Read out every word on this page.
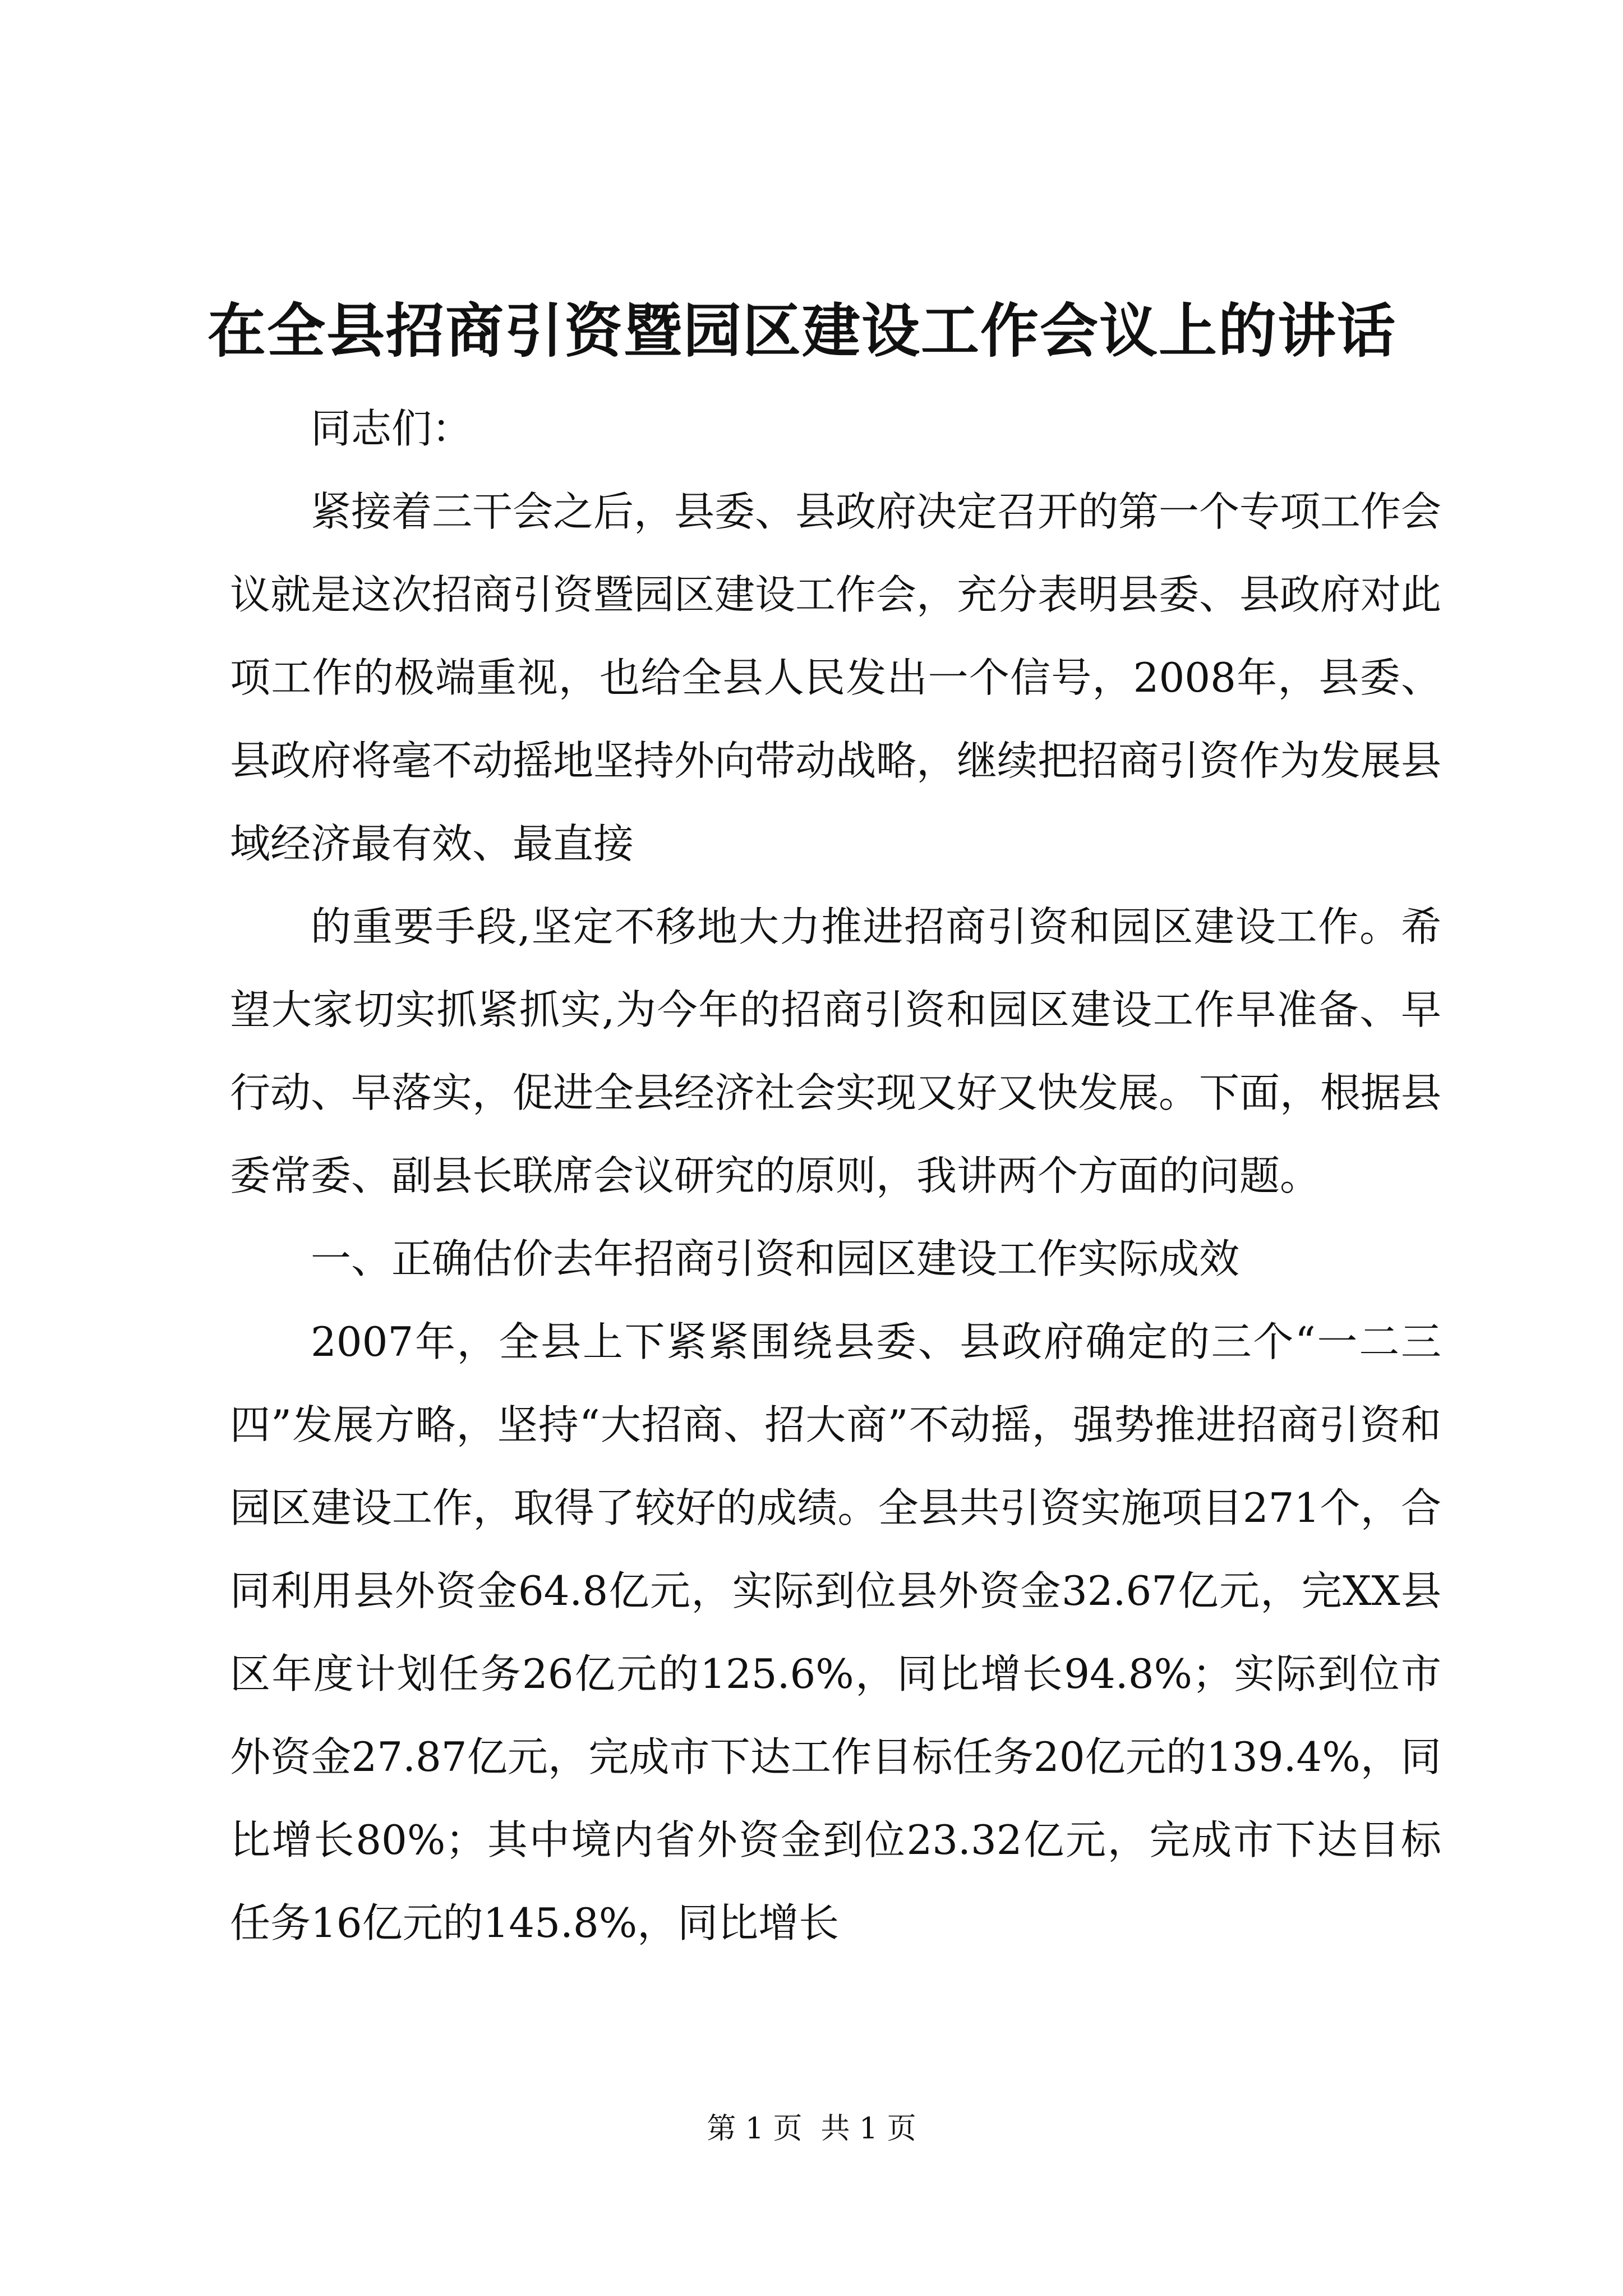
在全县招商引资暨园区建设工作会议上的讲话

同志们：

紧接着三干会之后，县委、县政府决定召开的第一个专项工作会议就是这次招商引资暨园区建设工作会，充分表明县委、县政府对此项工作的极端重视，也给全县人民发出一个信号，2008年，县委、县政府将毫不动摇地坚持外向带动战略，继续把招商引资作为发展县域经济最有效、最直接

的重要手段,坚定不移地大力推进招商引资和园区建设工作。希望大家切实抓紧抓实,为今年的招商引资和园区建设工作早准备、早行动、早落实，促进全县经济社会实现又好又快发展。下面，根据县委常委、副县长联席会议研究的原则，我讲两个方面的问题。

一、正确估价去年招商引资和园区建设工作实际成效

2007年，全县上下紧紧围绕县委、县政府确定的三个“一二三四”发展方略，坚持“大招商、招大商”不动摇，强势推进招商引资和园区建设工作，取得了较好的成绩。全县共引资实施项目271个，合同利用县外资金64.8亿元，实际到位县外资金32.67亿元，完XX县区年度计划任务26亿元的125.6%，同比增长94.8%；实际到位市外资金27.87亿元，完成市下达工作目标任务20亿元的139.4%，同比增长80%；其中境内省外资金到位23.32亿元，完成市下达目标任务16亿元的145.8%，同比增长

第 1 页  共 1 页
